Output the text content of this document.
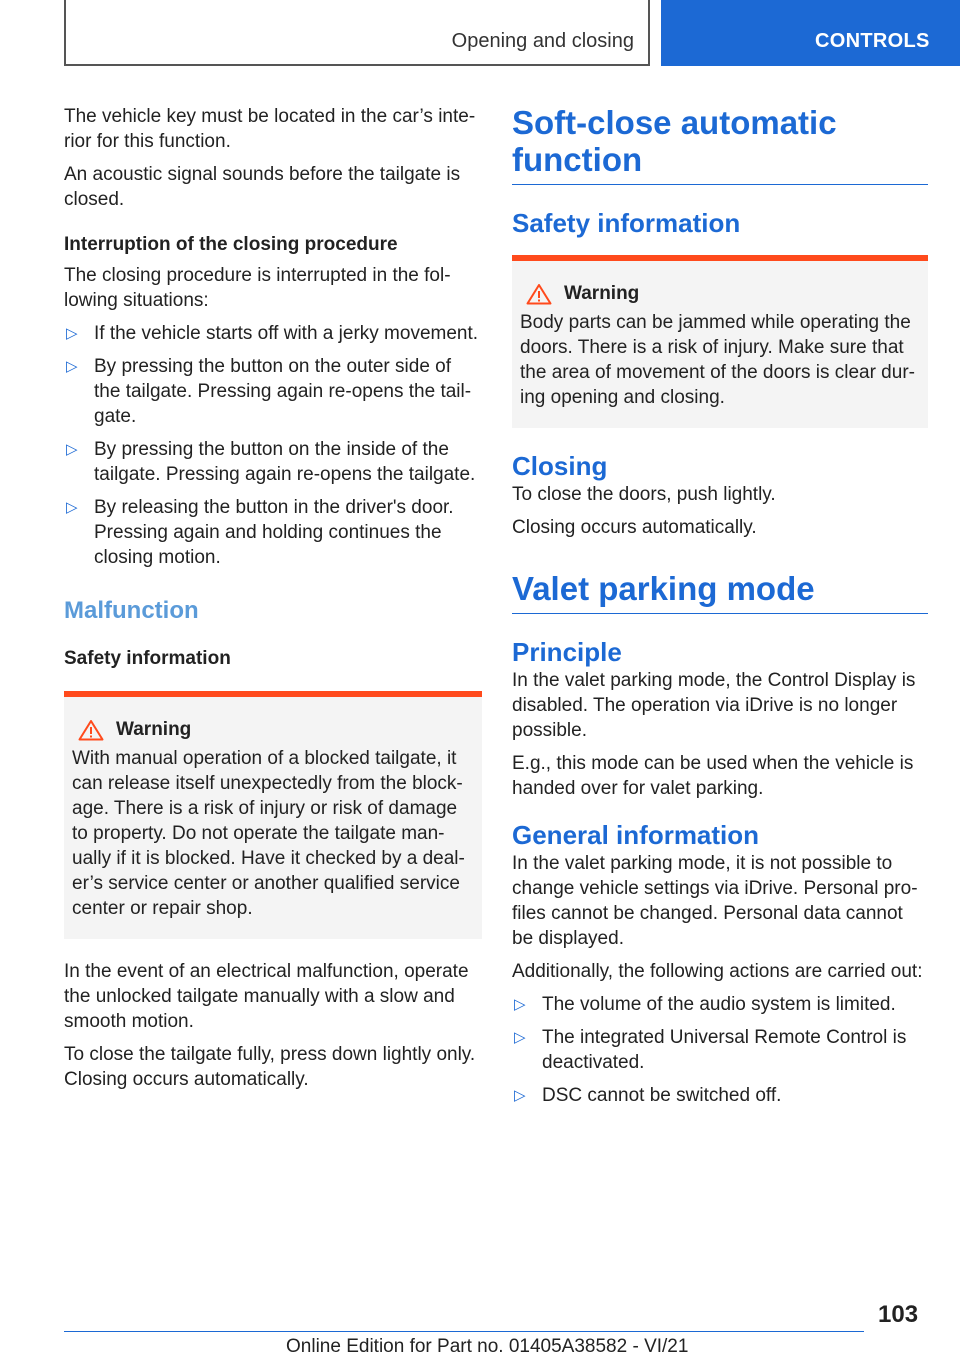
Opening and closing	CONTROLS

The vehicle key must be located in the car’s inte-rior for this function.

An acoustic signal sounds before the tailgate is closed.

Interruption of the closing procedure

The closing procedure is interrupted in the fol-lowing situations:

▷ If the vehicle starts off with a jerky movement.
▷ By pressing the button on the outer side of the tailgate. Pressing again re-opens the tail-gate.
▷ By pressing the button on the inside of the tailgate. Pressing again re-opens the tailgate.
▷ By releasing the button in the driver's door. Pressing again and holding continues the closing motion.
Malfunction
Safety information
Warning

With manual operation of a blocked tailgate, it can release itself unexpectedly from the block-age. There is a risk of injury or risk of damage to property. Do not operate the tailgate man-ually if it is blocked. Have it checked by a deal-er’s service center or another qualified service center or repair shop.

In the event of an electrical malfunction, operate the unlocked tailgate manually with a slow and smooth motion.

To close the tailgate fully, press down lightly only. Closing occurs automatically.

Soft-close automatic function
Safety information
Warning

Body parts can be jammed while operating the doors. There is a risk of injury. Make sure that the area of movement of the doors is clear dur-ing opening and closing.

Closing

To close the doors, push lightly.

Closing occurs automatically.

Valet parking mode
Principle

In the valet parking mode, the Control Display is disabled. The operation via iDrive is no longer possible.

E.g., this mode can be used when the vehicle is handed over for valet parking.

General information

In the valet parking mode, it is not possible to change vehicle settings via iDrive. Personal pro-files cannot be changed. Personal data cannot be displayed.

Additionally, the following actions are carried out:

▷ The volume of the audio system is limited.
▷ The integrated Universal Remote Control is deactivated.
▷ DSC cannot be switched off.
103
Online Edition for Part no. 01405A38582 - VI/21
